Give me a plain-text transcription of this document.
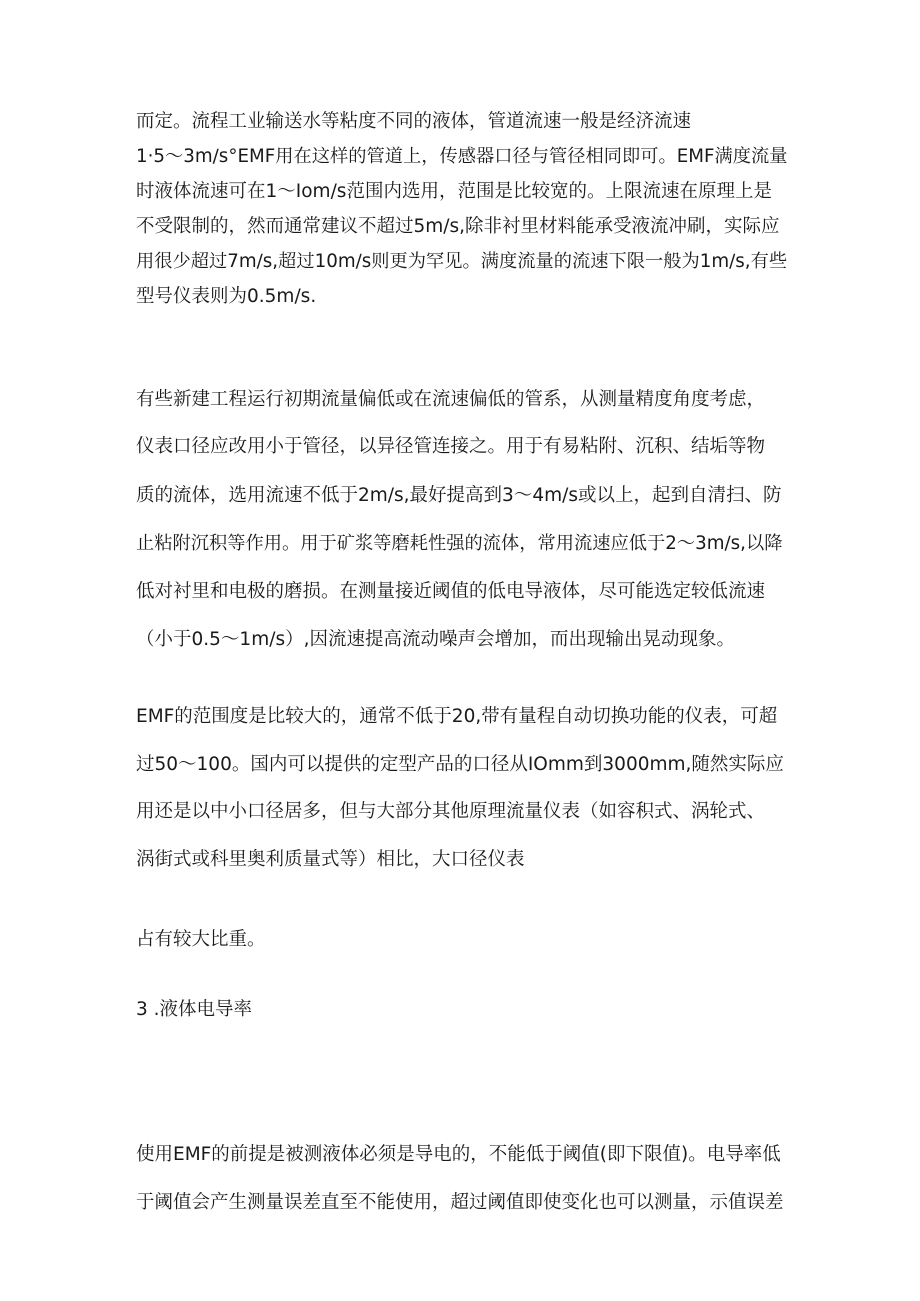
而定。流程工业输送水等粘度不同的液体，管道流速一般是经济流速
1·5～3m∕s°EMF用在这样的管道上，传感器口径与管径相同即可。EMF满度流量
时液体流速可在1～Iom/s范围内选用，范围是比较宽的。上限流速在原理上是
不受限制的，然而通常建议不超过5m∕s,除非衬里材料能承受液流冲刷，实际应
用很少超过7m∕s,超过10m∕s则更为罕见。满度流量的流速下限一般为1m∕s,有些
型号仪表则为0.5m∕s.
有些新建工程运行初期流量偏低或在流速偏低的管系，从测量精度角度考虑，
仪表口径应改用小于管径，以异径管连接之。用于有易粘附、沉积、结垢等物
质的流体，选用流速不低于2m∕s,最好提高到3～4m∕s或以上，起到自清扫、防
止粘附沉积等作用。用于矿浆等磨耗性强的流体，常用流速应低于2～3m∕s,以降
低对衬里和电极的磨损。在测量接近阈值的低电导液体，尽可能选定较低流速
（小于0.5～1m∕s）,因流速提高流动噪声会增加，而出现输出晃动现象。
EMF的范围度是比较大的，通常不低于20,带有量程自动切换功能的仪表，可超
过50～100。国内可以提供的定型产品的口径从IOmm到3000mm,随然实际应
用还是以中小口径居多，但与大部分其他原理流量仪表（如容积式、涡轮式、
涡街式或科里奥利质量式等）相比，大口径仪表
占有较大比重。
3 .液体电导率
使用EMF的前提是被测液体必须是导电的，不能低于阈值(即下限值)。电导率低
于阈值会产生测量误差直至不能使用，超过阈值即使变化也可以测量，示值误差
